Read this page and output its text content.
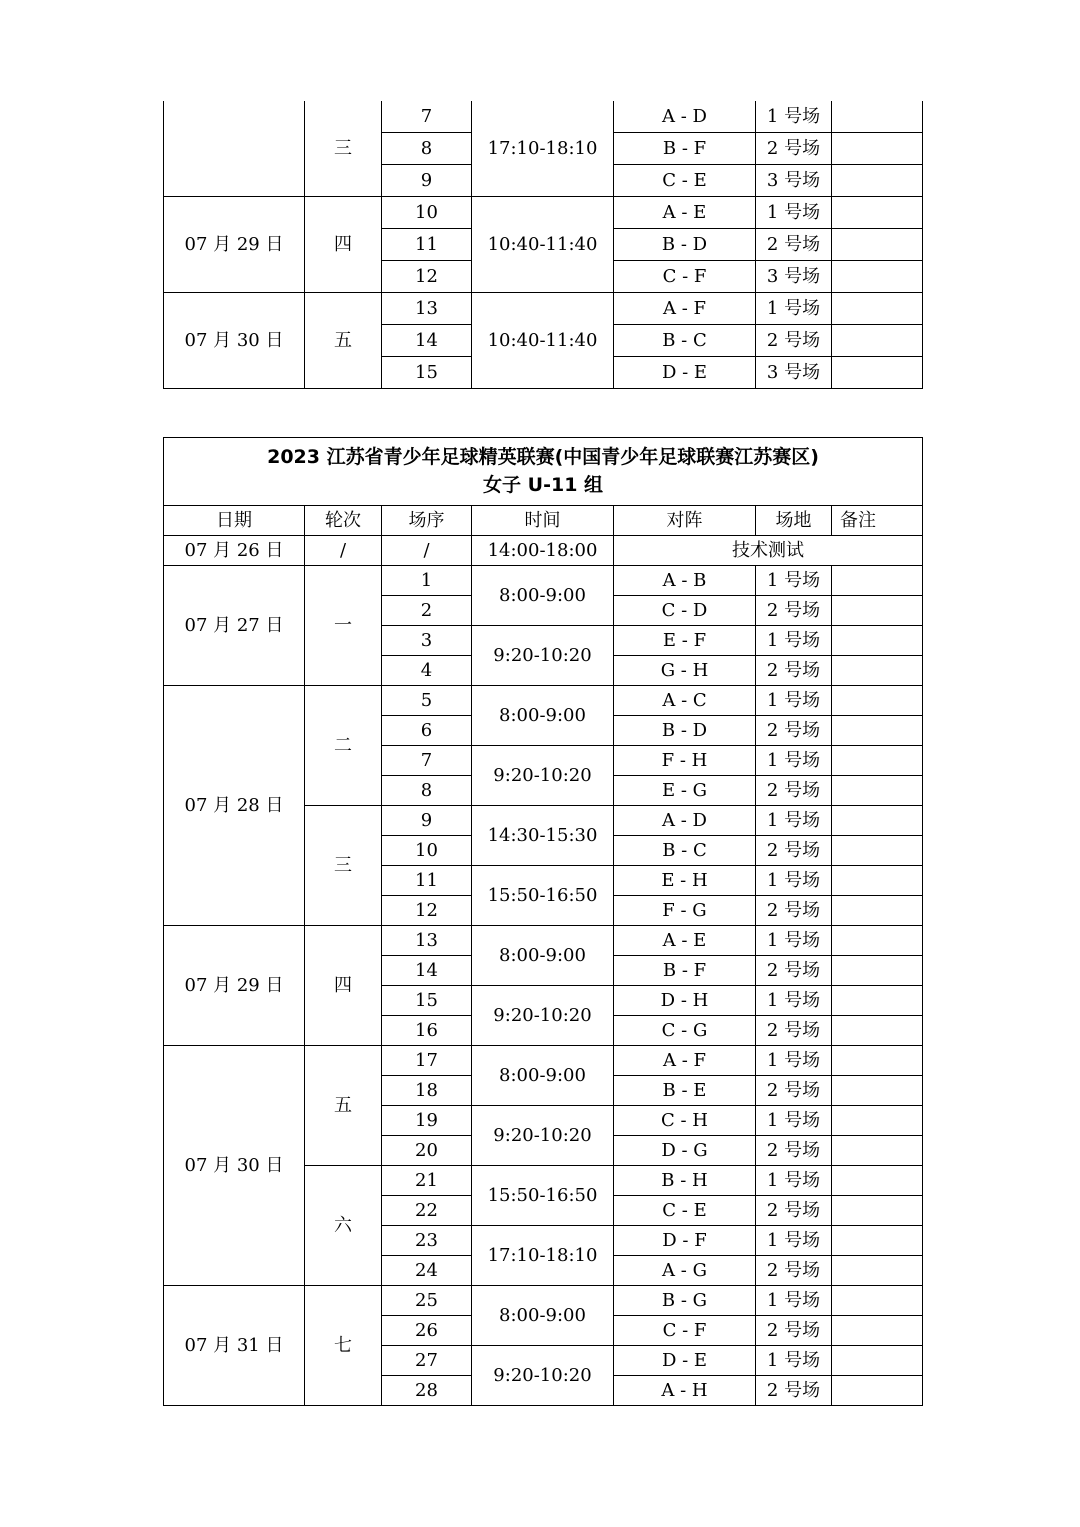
	三	7	17:10-18:10	A - D	1 号场	
		8		B - F	2 号场	
		9		C - E	3 号场	
07 月 29 日	四	10	10:40-11:40	A - E	1 号场	
		11		B - D	2 号场	
		12		C - F	3 号场	
07 月 30 日	五	13	10:40-11:40	A - F	1 号场	
		14		B - C	2 号场	
		15		D - E	3 号场	
2023 江苏省青少年足球精英联赛(中国青少年足球联赛江苏赛区)
女子 U-11 组						

日期	轮次	场序	时间	对阵	场地	备注
07 月 26 日	/	/	14:00-18:00	技术测试		
07 月 27 日	一	1	8:00-9:00	A - B	1 号场	
		2		C - D	2 号场	
		3	9:20-10:20	E - F	1 号场	
		4		G - H	2 号场	
07 月 28 日	二	5	8:00-9:00	A - C	1 号场	
		6		B - D	2 号场	
		7	9:20-10:20	F - H	1 号场	
		8		E - G	2 号场	
	三	9	14:30-15:30	A - D	1 号场	
		10		B - C	2 号场	
		11	15:50-16:50	E - H	1 号场	
		12		F - G	2 号场	
07 月 29 日	四	13	8:00-9:00	A - E	1 号场	
		14		B - F	2 号场	
		15	9:20-10:20	D - H	1 号场	
		16		C - G	2 号场	
07 月 30 日	五	17	8:00-9:00	A - F	1 号场	
		18		B - E	2 号场	
		19	9:20-10:20	C - H	1 号场	
		20		D - G	2 号场	
	六	21	15:50-16:50	B - H	1 号场	
		22		C - E	2 号场	
		23	17:10-18:10	D - F	1 号场	
		24		A - G	2 号场	
07 月 31 日	七	25	8:00-9:00	B - G	1 号场	
		26		C - F	2 号场	
		27	9:20-10:20	D - E	1 号场	
		28		A - H	2 号场	
